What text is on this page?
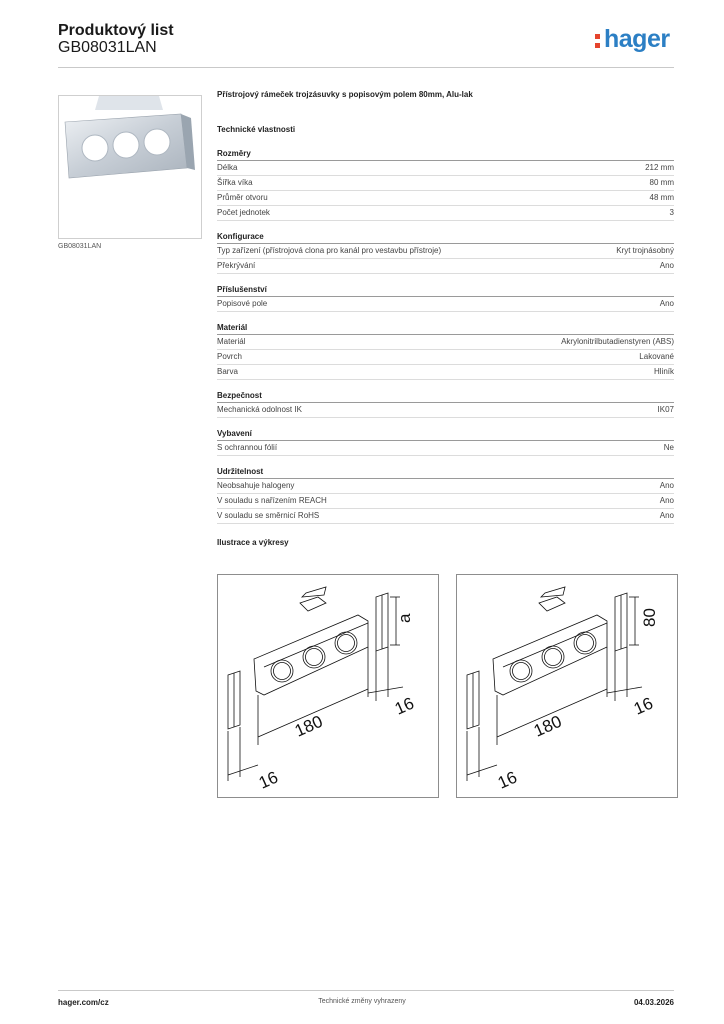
Produktový list
GB08031LAN	hager
GB08031LAN
Přístrojový rámeček trojzásuvky s popisovým polem 80mm, Alu-lak
Technické vlastnosti
Rozměry
Délka	212 mm
Šířka víka	80 mm
Průměr otvoru	48 mm
Počet jednotek	3
Konfigurace
Typ zařízení (přístrojová clona pro kanál pro vestavbu přístroje)	Kryt trojnásobný
Překrývání	Ano
Příslušenství
Popisové pole	Ano
Materiál
Materiál	Akrylonitrilbutadienstyren (ABS)
Povrch	Lakované
Barva	Hliník
Bezpečnost
Mechanická odolnost IK	IK07
Vybavení
S ochrannou fólií	Ne
Udržitelnost
Neobsahuje halogeny	Ano
V souladu s nařízením REACH	Ano
V souladu se směrnicí RoHS	Ano
Ilustrace a výkresy
180
a
16
16
180
80
16
16
hager.com/cz	Technické změny vyhrazeny	04.03.2026
